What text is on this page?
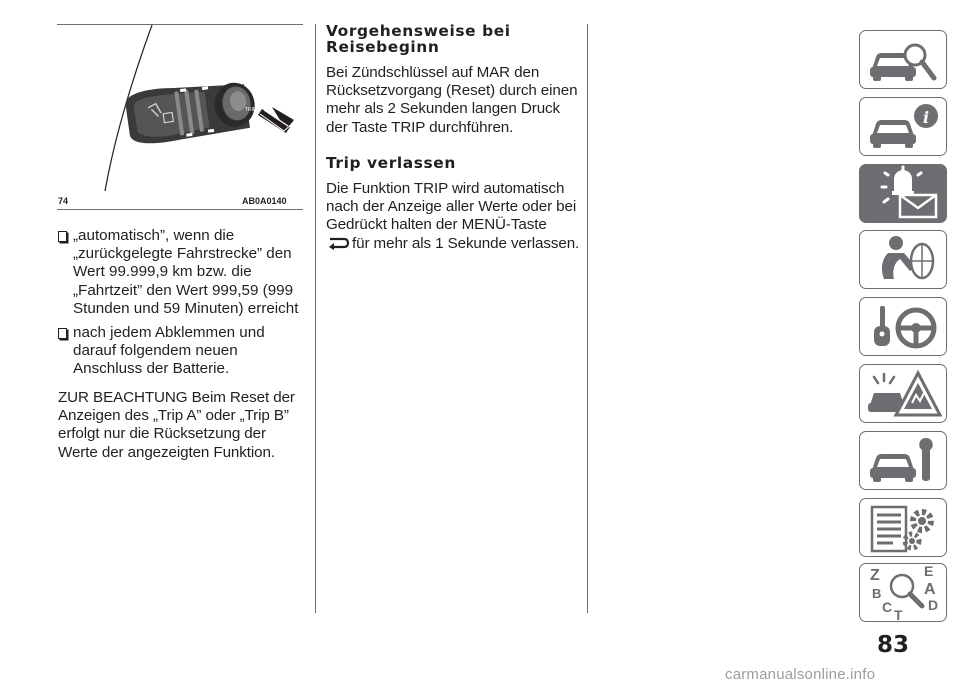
TRIP
74	AB0A0140
„automatisch”, wenn die „zurückgelegte Fahrstrecke” den Wert 99.999,9 km bzw. die „Fahrtzeit” den Wert 999,59 (999 Stunden und 59 Minuten) erreicht
nach jedem Abklemmen und darauf folgendem neuen Anschluss der Batterie.
ZUR BEACHTUNG Beim Reset der Anzeigen des „Trip A” oder „Trip B” erfolgt nur die Rücksetzung der Werte der angezeigten Funktion.
Vorgehensweise bei Reisebeginn
Bei Zündschlüssel auf MAR den Rücksetzvorgang (Reset) durch einen mehr als 2 Sekunden langen Druck der Taste TRIP durchführen.
Trip verlassen
Die Funktion TRIP wird automatisch nach der Anzeige aller Werte oder bei Gedrückt halten der MENÜ-Taste
für mehr als 1 Sekunde verlassen.
i
Z	E
A
B
C T
D
83
carmanualsonline.info
